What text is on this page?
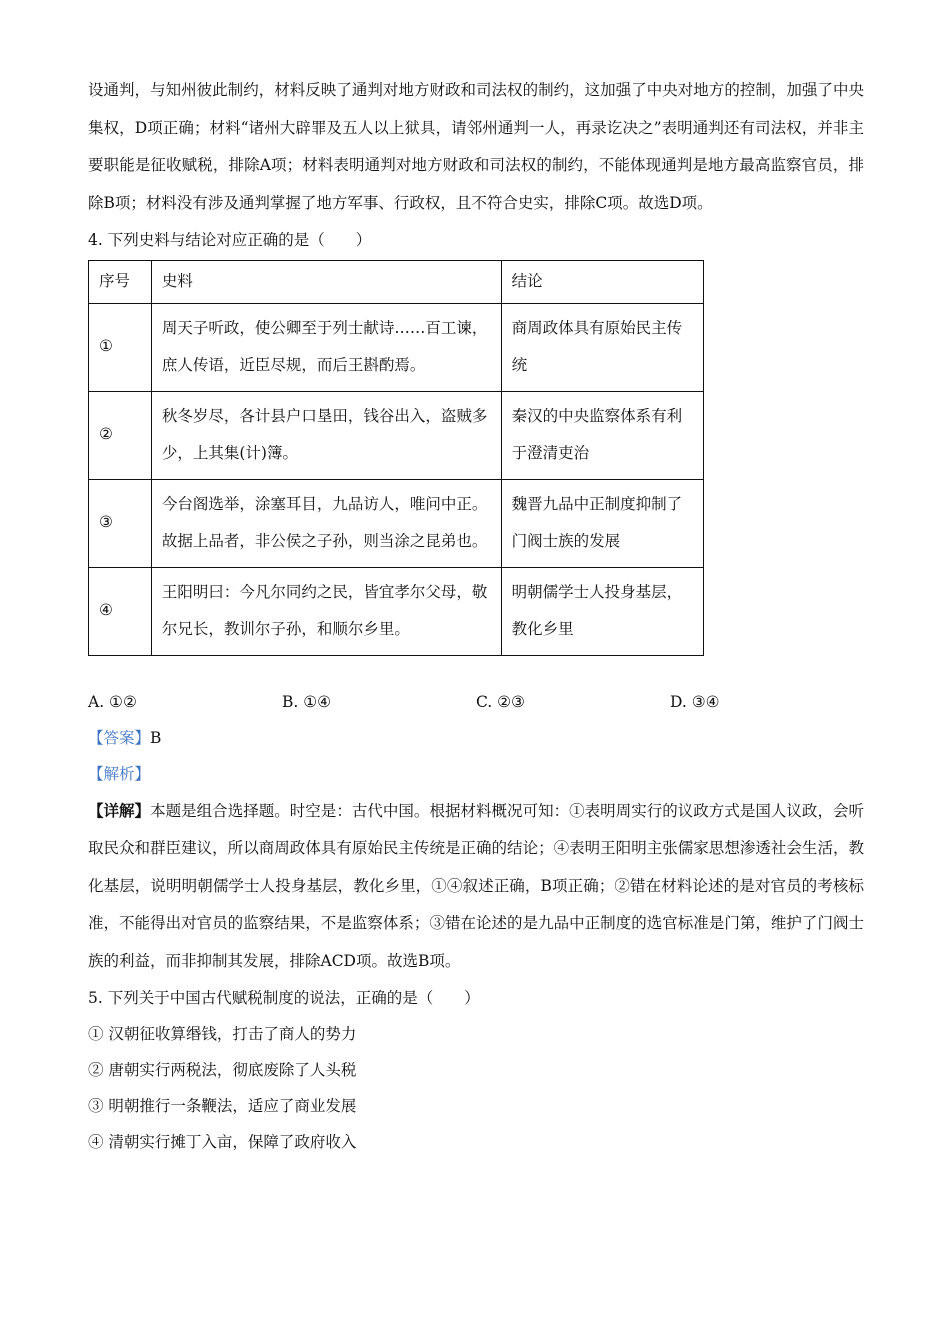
设通判，与知州彼此制约，材料反映了通判对地方财政和司法权的制约，这加强了中央对地方的控制，加强了中央集权，D项正确；材料“诸州大辟罪及五人以上狱具，请邻州通判一人，再录讫决之”表明通判还有司法权，并非主要职能是征收赋税，排除A项；材料表明通判对地方财政和司法权的制约，不能体现通判是地方最高监察官员，排除B项；材料没有涉及通判掌握了地方军事、行政权，且不符合史实，排除C项。故选D项。

4. 下列史料与结论对应正确的是（　　）

序号	史料	结论
①	周天子听政，使公卿至于列士献诗……百工谏，庶人传语，近臣尽规，而后王斟酌焉。	商周政体具有原始民主传统
②	秋冬岁尽，各计县户口垦田，钱谷出入，盗贼多少，上其集(计)簿。	秦汉的中央监察体系有利于澄清吏治
③	今台阁选举，涂塞耳目，九品访人，唯问中正。故据上品者，非公侯之子孙，则当涂之昆弟也。	魏晋九品中正制度抑制了门阀士族的发展
④	王阳明曰：今凡尔同约之民，皆宜孝尔父母，敬尔兄长，教训尔子孙，和顺尔乡里。	明朝儒学士人投身基层，教化乡里
A. ①②	B. ①④	C. ②③	D. ③④

【答案】B

【解析】

【详解】本题是组合选择题。时空是：古代中国。根据材料概况可知：①表明周实行的议政方式是国人议政，会听取民众和群臣建议，所以商周政体具有原始民主传统是正确的结论；④表明王阳明主张儒家思想渗透社会生活，教化基层，说明明朝儒学士人投身基层，教化乡里，①④叙述正确，B项正确；②错在材料论述的是对官员的考核标准，不能得出对官员的监察结果，不是监察体系；③错在论述的是九品中正制度的选官标准是门第，维护了门阀士族的利益，而非抑制其发展，排除ACD项。故选B项。

5. 下列关于中国古代赋税制度的说法，正确的是（　　）

① 汉朝征收算缗钱，打击了商人的势力

② 唐朝实行两税法，彻底废除了人头税

③ 明朝推行一条鞭法，适应了商业发展

④ 清朝实行摊丁入亩，保障了政府收入
